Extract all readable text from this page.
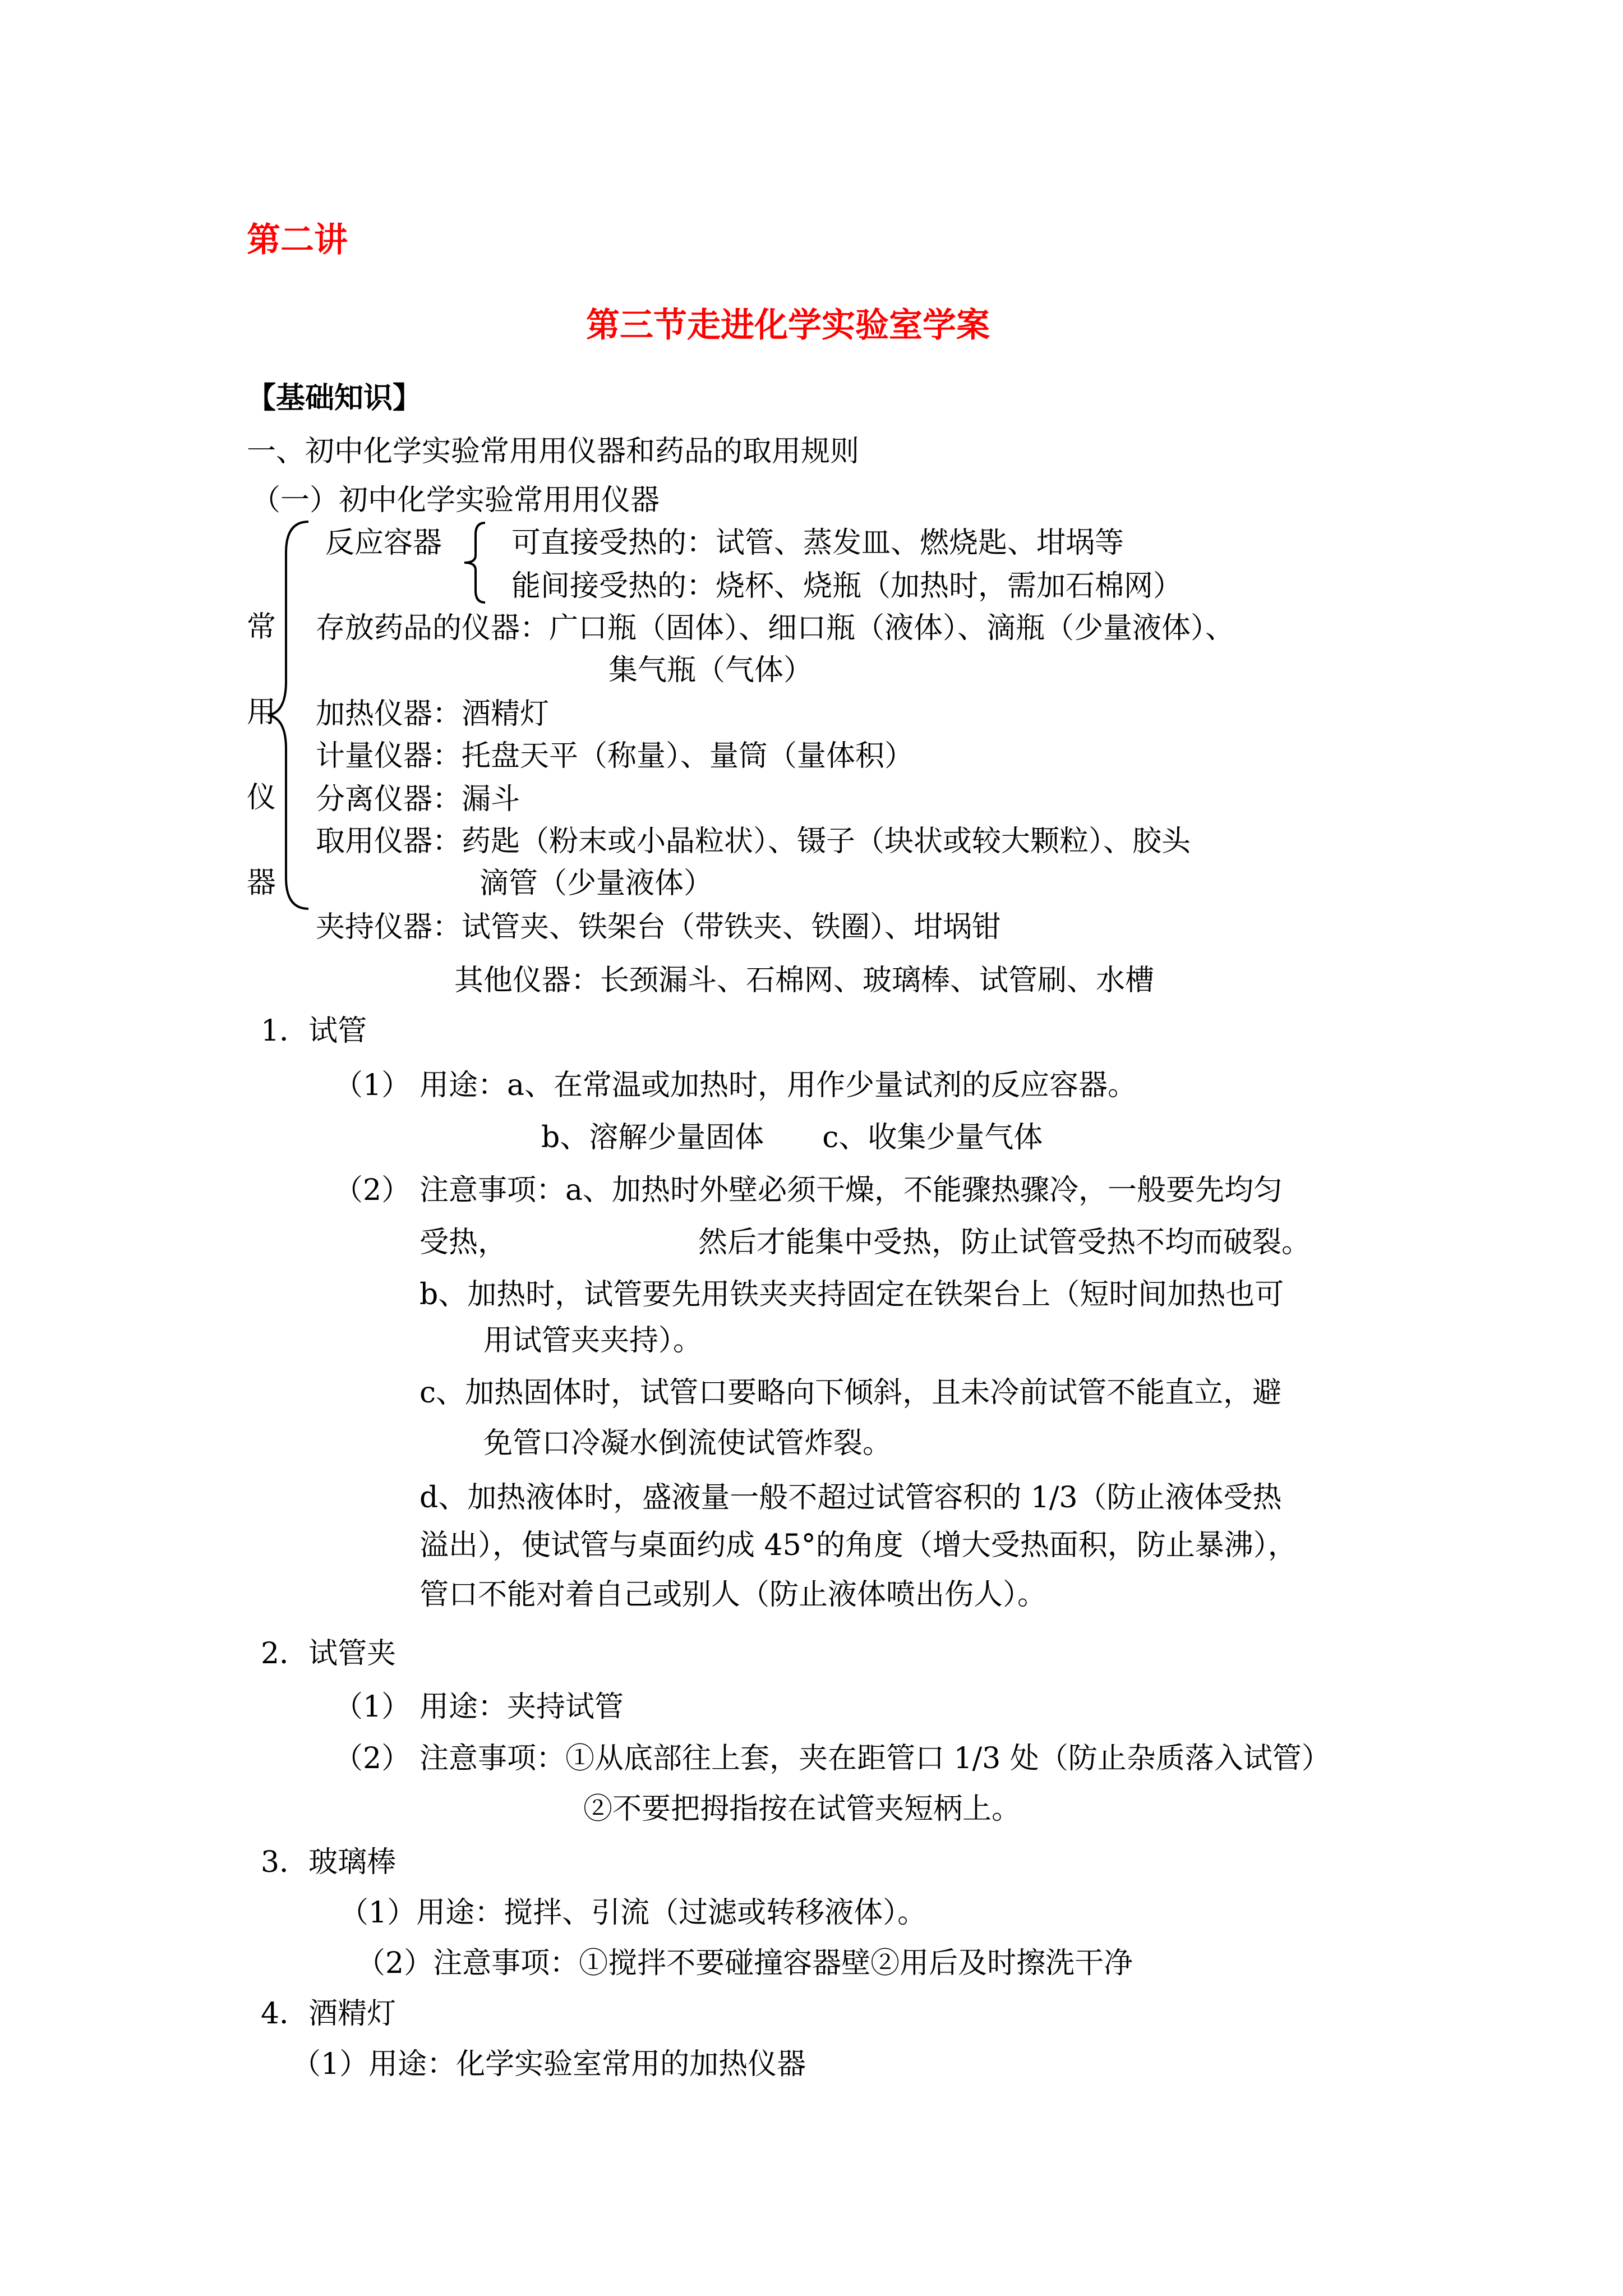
第二讲
第三节走进化学实验室学案
【基础知识】
一、初中化学实验常用用仪器和药品的取用规则
（一）初中化学实验常用用仪器
常
用
仪
器
反应容器 可直接受热的：试管、蒸发皿、燃烧匙、坩埚等
能间接受热的：烧杯、烧瓶（加热时，需加石棉网）
存放药品的仪器：广口瓶（固体）、细口瓶（液体）、滴瓶（少量液体）、
集气瓶（气体）
加热仪器：酒精灯
计量仪器：托盘天平（称量）、量筒（量体积）
分离仪器：漏斗
取用仪器：药匙（粉末或小晶粒状）、镊子（块状或较大颗粒）、胶头
滴管（少量液体）
夹持仪器：试管夹、铁架台（带铁夹、铁圈）、坩埚钳
其他仪器：长颈漏斗、石棉网、玻璃棒、试管刷、水槽
1．试管
（1） 用途：a、在常温或加热时，用作少量试剂的反应容器。
b、溶解少量固体　　c、收集少量气体
（2） 注意事项：a、加热时外壁必须干燥，不能骤热骤冷，一般要先均匀
受热，	然后才能集中受热，防止试管受热不均而破裂。
b、加热时，试管要先用铁夹夹持固定在铁架台上（短时间加热也可
用试管夹夹持）。
c、加热固体时，试管口要略向下倾斜，且未冷前试管不能直立，避
免管口冷凝水倒流使试管炸裂。
d、加热液体时，盛液量一般不超过试管容积的 1/3（防止液体受热
溢出），使试管与桌面约成 45°的角度（增大受热面积，防止暴沸），
管口不能对着自己或别人（防止液体喷出伤人）。
2．试管夹
（1） 用途：夹持试管
（2） 注意事项：①从底部往上套，夹在距管口 1/3 处（防止杂质落入试管）
②不要把拇指按在试管夹短柄上。
3．玻璃棒
（1）用途：搅拌、引流（过滤或转移液体）。
（2）注意事项：①搅拌不要碰撞容器壁②用后及时擦洗干净
4．酒精灯
（1）用途：化学实验室常用的加热仪器
